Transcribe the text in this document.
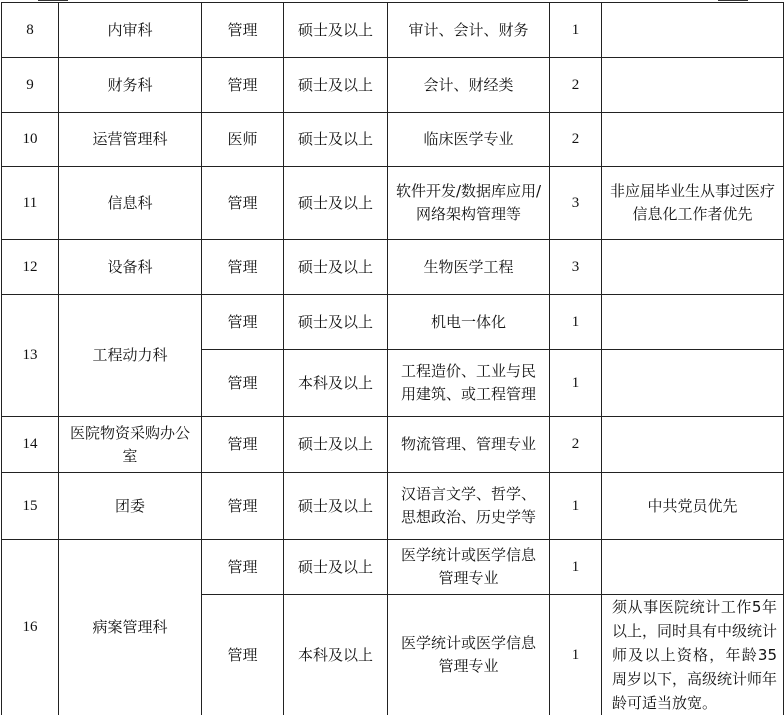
8	内审科	管理	硕士及以上	审计、会计、财务	1	
9	财务科	管理	硕士及以上	会计、财经类	2	
10	运营管理科	医师	硕士及以上	临床医学专业	2	
11	信息科	管理	硕士及以上	软件开发/数据库应用/网络架构管理等	3	非应届毕业生从事过医疗信息化工作者优先
12	设备科	管理	硕士及以上	生物医学工程	3	
13	工程动力科	管理	硕士及以上	机电一体化	1	
		管理	本科及以上	工程造价、工业与民用建筑、或工程管理	1	
14	医院物资采购办公室	管理	硕士及以上	物流管理、管理专业	2	
15	团委	管理	硕士及以上	汉语言文学、哲学、思想政治、历史学等	1	中共党员优先
16	病案管理科	管理	硕士及以上	医学统计或医学信息管理专业	1	
		管理	本科及以上	医学统计或医学信息管理专业	1	须从事医院统计工作5年以上，同时具有中级统计师及以上资格，年龄35周岁以下，高级统计师年龄可适当放宽。
